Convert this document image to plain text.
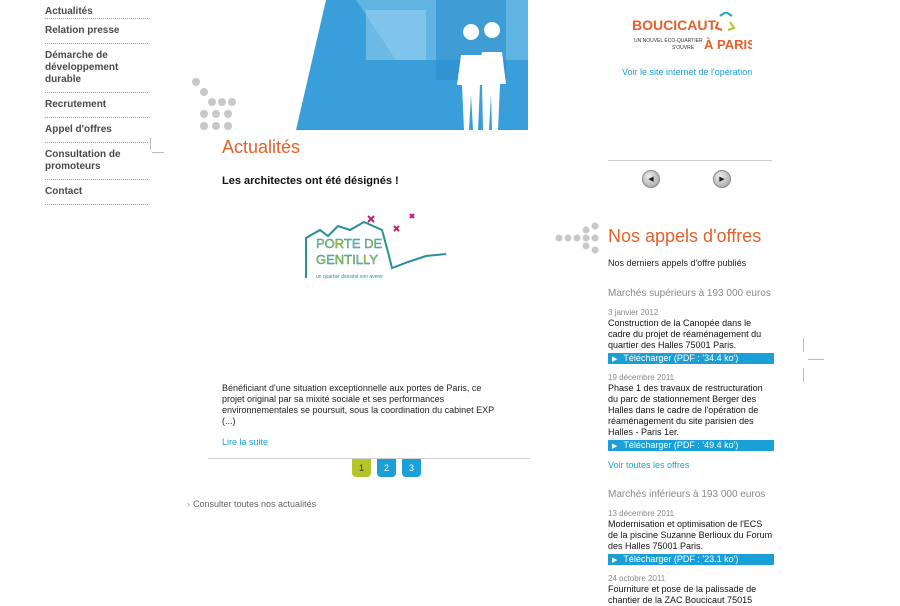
Actualités
Relation presse
Démarche de développement durable
Recrutement
Appel d'offres
Consultation de promoteurs
Contact
Actualités
Les architectes ont été désignés !
PORTE DE
GENTILLY
un quartier dessiné son avenir

Bénéficiant d'une situation exceptionnelle aux portes de Paris, ce projet original par sa mixité sociale et ses performances environnementales se poursuit, sous la coordination du cabinet EXP (...)

Lire la suite
1	2	3
› Consulter toutes nos actualités
BOUCICAUT
UN NOUVEL ÉCO-QUARTIER
S'OUVRE À PARIS
Voir le site internet de l'opération
◀	▶
Nos appels d'offres
Nos derniers appels d'offre publiés
Marchés supérieurs à 193 000 euros
3 janvier 2012
Construction de la Canopée dans le cadre du projet de réaménagement du quartier des Halles 75001 Paris.
▶ Télécharger (PDF : '34.4 ko')
19 décembre 2011
Phase 1 des travaux de restructuration du parc de stationnement Berger des Halles dans le cadre de l'opération de réaménagement du site parisien des Halles - Paris 1er.
▶ Télécharger (PDF : '49.4 ko')
Voir toutes les offres
Marchés inférieurs à 193 000 euros
13 décembre 2011
Modernisation et optimisation de l'ECS de la piscine Suzanne Berlioux du Forum des Halles 75001 Paris.
▶ Télécharger (PDF : '23.1 ko')
24 octobre 2011
Fourniture et pose de la palissade de chantier de la ZAC Boucicaut 75015
